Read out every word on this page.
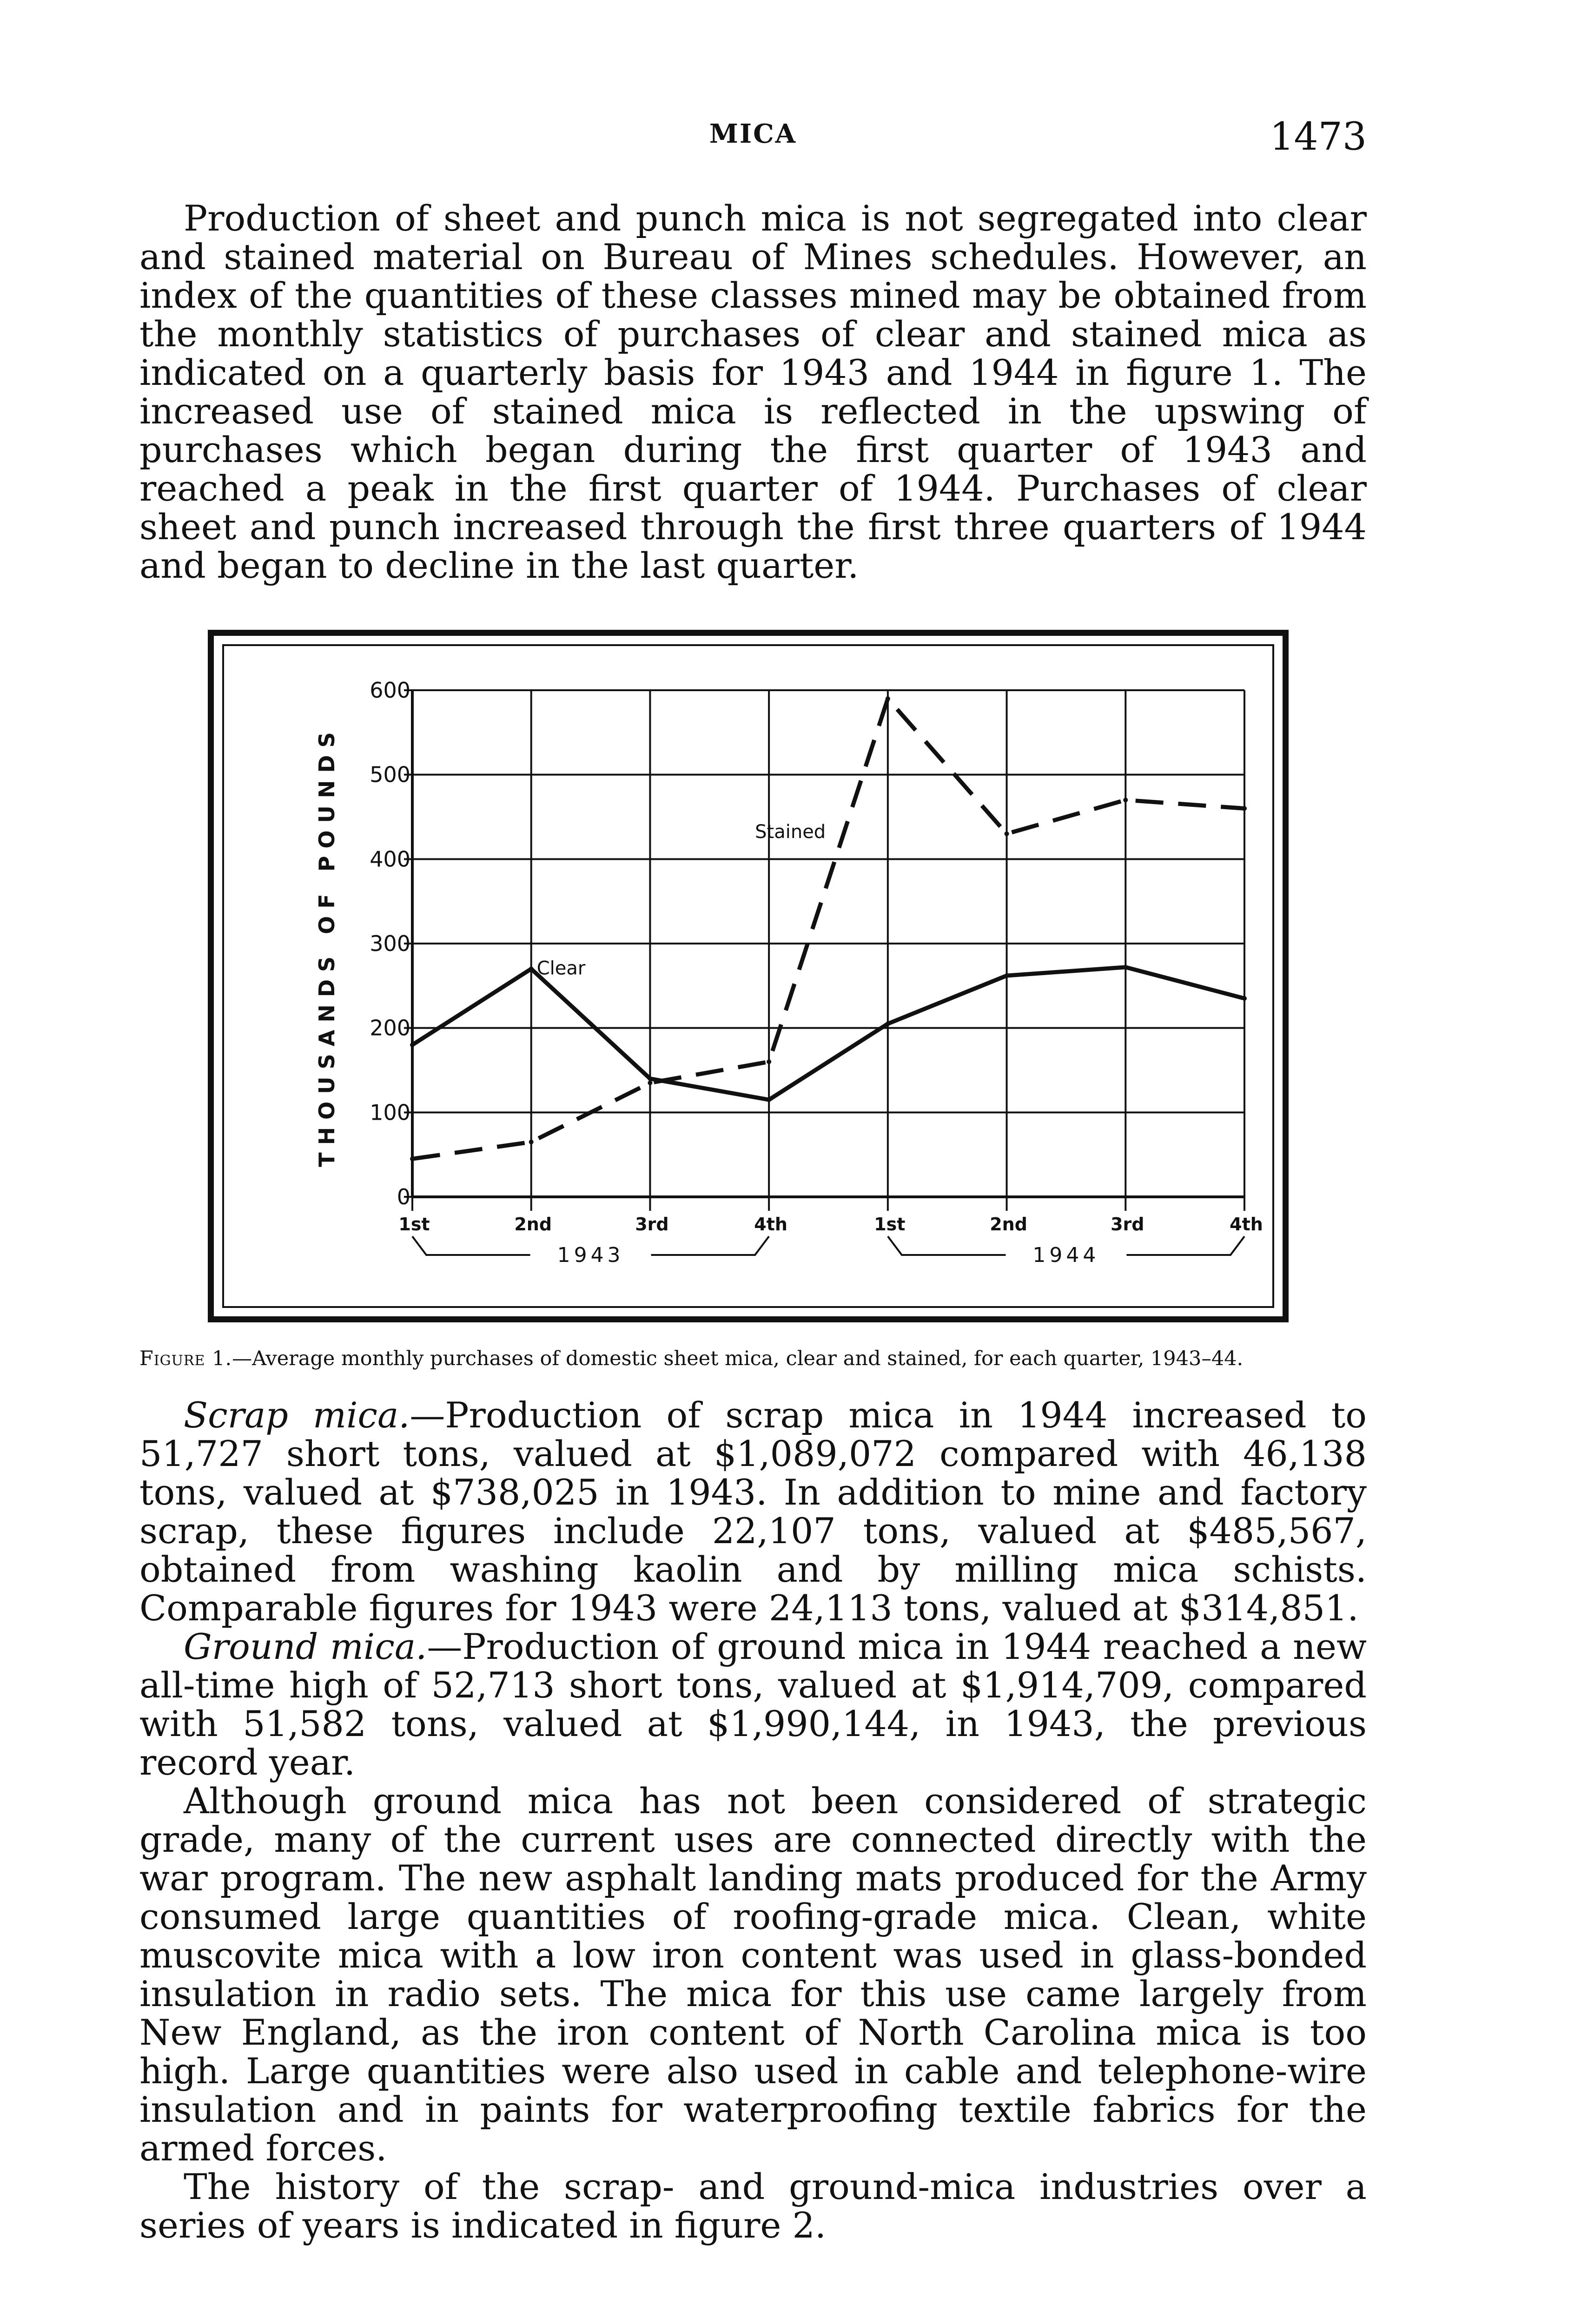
MICA	1473

Production of sheet and punch mica is not segregated into clear and stained material on Bureau of Mines schedules. However, an index of the quantities of these classes mined may be obtained from the monthly statistics of purchases of clear and stained mica as indicated on a quarterly basis for 1943 and 1944 in figure 1. The increased use of stained mica is reflected in the upswing of purchases which began during the first quarter of 1943 and reached a peak in the first quarter of 1944. Purchases of clear sheet and punch increased through the first three quarters of 1944 and began to decline in the last quarter.

0
100
200
300
400
500
600
1st	2nd	3rd	4th	1st	2nd	3rd	4th
THOUSANDS OF POUNDS
1943	1944
Clear
Stained
Figure 1.—Average monthly purchases of domestic sheet mica, clear and stained, for each quarter, 1943–44.

Scrap mica.—Production of scrap mica in 1944 increased to 51,727 short tons, valued at $1,089,072 compared with 46,138 tons, valued at $738,025 in 1943. In addition to mine and factory scrap, these figures include 22,107 tons, valued at $485,567, obtained from washing kaolin and by milling mica schists. Comparable figures for 1943 were 24,113 tons, valued at $314,851.

Ground mica.—Production of ground mica in 1944 reached a new all-time high of 52,713 short tons, valued at $1,914,709, compared with 51,582 tons, valued at $1,990,144, in 1943, the previous record year.

Although ground mica has not been considered of strategic grade, many of the current uses are connected directly with the war program. The new asphalt landing mats produced for the Army consumed large quantities of roofing-grade mica. Clean, white muscovite mica with a low iron content was used in glass-bonded insulation in radio sets. The mica for this use came largely from New England, as the iron content of North Carolina mica is too high. Large quantities were also used in cable and telephone-wire insulation and in paints for waterproofing textile fabrics for the armed forces.

The history of the scrap- and ground-mica industries over a series of years is indicated in figure 2.
